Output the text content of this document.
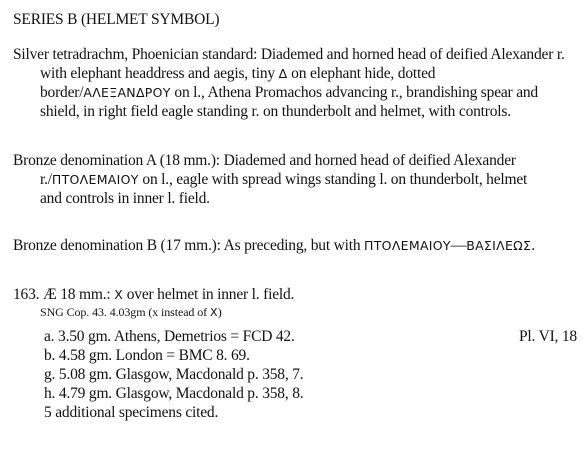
SERIES B (HELMET SYMBOL)
Silver tetradrachm, Phoenician standard: Diademed and horned head of deified Alexander r.
with elephant headdress and aegis, tiny Δ on elephant hide, dotted
border/ΑΛΕΞΑΝΔΡΟΥ on l., Athena Promachos advancing r., brandishing spear and
shield, in right field eagle standing r. on thunderbolt and helmet, with controls.
Bronze denomination A (18 mm.): Diademed and horned head of deified Alexander
r./ΠΤΟΛΕΜΑΙΟΥ on l., eagle with spread wings standing l. on thunderbolt, helmet
and controls in inner l. field.
Bronze denomination B (17 mm.): As preceding, but with ΠΤΟΛΕΜΑΙΟΥ—ΒΑΣΙΛΕΩΣ.
163. Æ 18 mm.: Χ over helmet in inner l. field.
SNG Cop. 43. 4.03gm (x instead of Χ)
a. 3.50 gm. Athens, Demetrios = FCD 42.	Pl. VI, 18
b. 4.58 gm. London = BMC 8. 69.
g. 5.08 gm. Glasgow, Macdonald p. 358, 7.
h. 4.79 gm. Glasgow, Macdonald p. 358, 8.
5 additional specimens cited.
